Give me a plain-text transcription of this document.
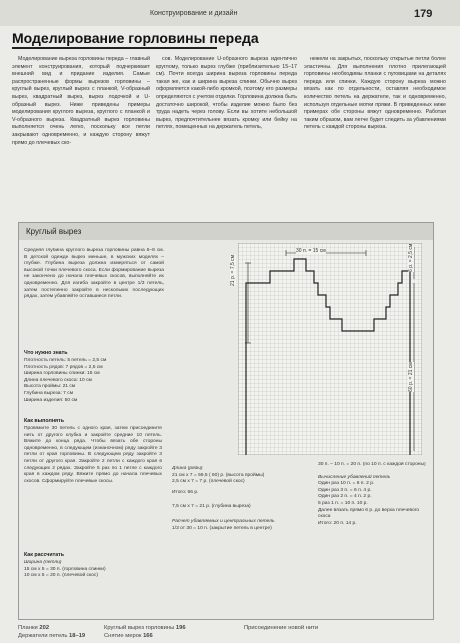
Конструирование и дизайн	179
Моделирование горловины переда

Моделирование выреза горловины переда – главный элемент конструирования, который подчеркивает внешний вид и придание изделия. Самые распространенные формы вырезов горловины – круглый вырез, круглый вырез с планкой, V-образный вырез, квадратный вырез, вырез лодочкой и U-образный вырез. Ниже приведены примеры моделирования круглого выреза, круглого с планкой и V-образного выреза. Квадратный вырез горловины выполняется очень легко, поскольку все петли закрывают одновременно, и каждую сторону вяжут прямо до плечевых ско-

сов. Моделирование U-образного выреза идентично круглому, только вырез глубже (приблизительно 15–17 см). Почти всегда ширина выреза горловины переда такая же, как и ширина выреза спинки. Обычно вырез оформляется какой-либо кромкой, поэтому его размеры определяются с учетом отделки. Горловина должна быть достаточно широкой, чтобы изделие можно было без труда надеть через голову. Если вы хотите небольшой вырез, предпочтительнее вязать кромку или бейку на петлях, помещенных на держатель петель,

нежели на закрытых, поскольку открытые петли более эластичны. Для выполнения плотно прилегающей горловины необходимы планки с пуговицами на деталях переда или спинки. Каждую сторону выреза можно вязать как по отдельности, оставляя необходимое количество петель на держателе, так и одновременно, используя отдельные мотки пряжи. В приведенных ниже примерах обе стороны вяжут одновременно. Работая таким образом, вам легче будет следить за убавлениями петель с каждой стороны выреза.

Круглый вырез

Средняя глубина круглого выреза горловины равна 6–8 см. В детской одежде вырез меньше, в мужских моделях – глубже. Глубина выреза должна измеряться от самой высокой точки плечевого скоса. Если формирование выреза не закончено до начала плечевых скосов, выполняйте их одновременно. Для изгиба закройте в центре 1/3 петель, затем постепенно закройте в нескольких последующих рядах, затем убавляйте оставшиеся петли.

Что нужно знать
Плотность петель: 5 петель = 2,5 см
Плотность рядов: 7 рядов = 2,5 см
Ширина горловины спинки: 15 см
Длина плечевого скоса: 10 см
Высота проймы: 21 см
Глубина выреза: 7 см
Ширина изделия: 50 см
Как выполнять

Провяжите 30 петель с одного края, затем присоедините нить от другого клубка и закройте средние 10 петель. Вяжите до конца ряда. Чтобы вязать обе стороны одновременно, в следующем (изнаночном) ряду закройте 3 петли от края горловины. В следующем ряду закройте 3 петли от другого края. Закройте 2 петли с каждого края в следующих 2 рядах. Закройте 5 раз по 1 петле с каждого края в каждом ряду. Вяжите прямо до начала плечевых скосов. Сформируйте плечевые скосы.

Как рассчитать
Ширина (петли)
15 см х 5 = 30 п. (горловина спинки)
10 см х 5 = 20 п. (плечевой скос)
Длина (ряды)
21 см х 7 = 59,5 ( 60) р. (высота проймы)
2,5 см х 7 = 7 р. (плечевой скос)
Итого: 66 р.
7,5 см х 7 = 21 р. (глубина выреза)
Расчет убавляемых и центральных петель
1/3 от 30 = 10 п. (закрытие петель в центре)
30 п. – 10 п. = 20 п. (по 10 п. с каждой стороны)
Вычисление убавлений петель
Один раз 10 п. = 6 п. 2 р.
Один раз 3 п. = 6 п. 4 р.
Один раз 2 п. = 4 п. 2 р.
5 раз 1 п. = 10 п. 10 р.
Далее вязать прямо 6 р. до верха плечевого скоса
Итого: 20 п. 14 р.
30 п. = 15 см
21 р. = 7,5 см	6 р. = 2,5 см
60 р. = 21 см
Планки 202
Держатели петель 18–19
Круглый вырез горловины 196
Снятие мерок 166
Присоединение новой нити
